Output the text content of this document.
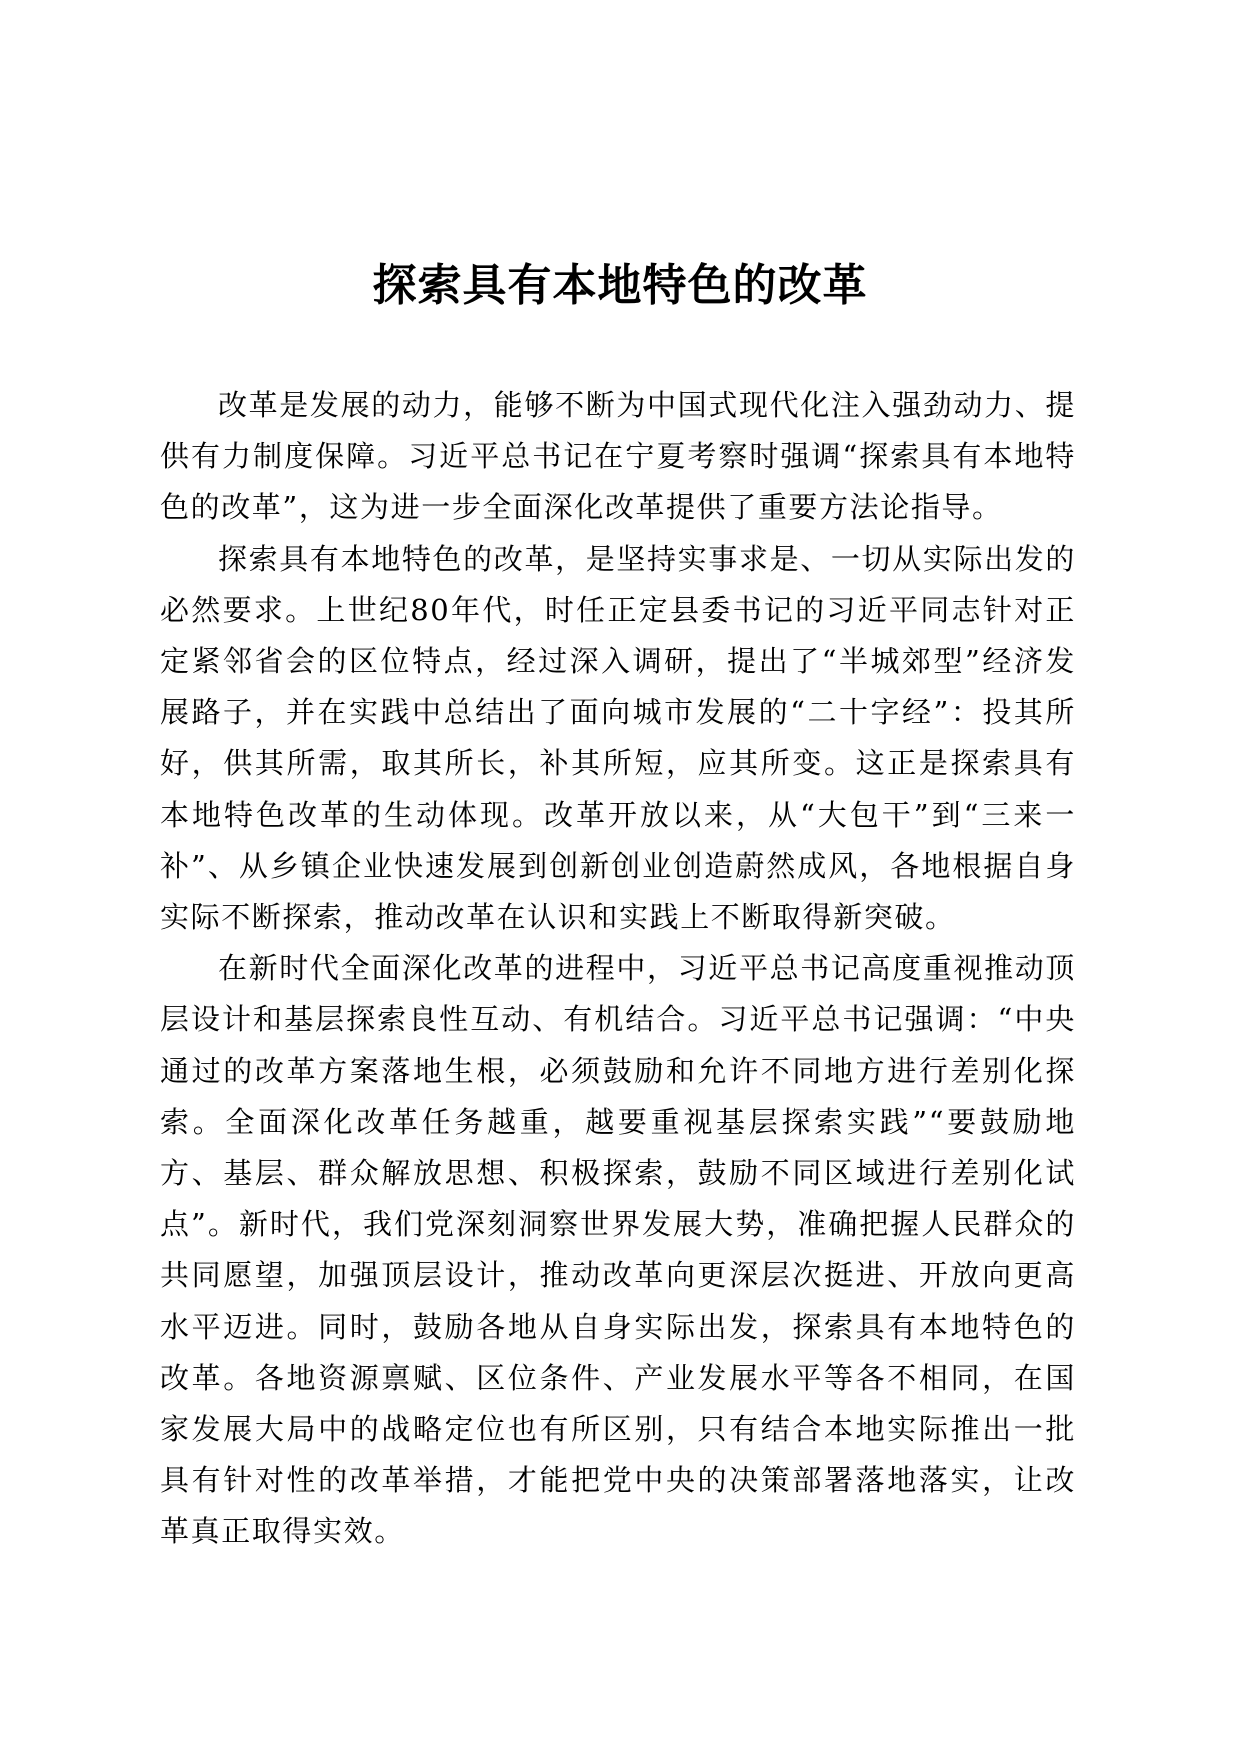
探索具有本地特色的改革

改革是发展的动力，能够不断为中国式现代化注入强劲动力、提供有力制度保障。习近平总书记在宁夏考察时强调“探索具有本地特色的改革”，这为进一步全面深化改革提供了重要方法论指导。

探索具有本地特色的改革，是坚持实事求是、一切从实际出发的必然要求。上世纪80年代，时任正定县委书记的习近平同志针对正定紧邻省会的区位特点，经过深入调研，提出了“半城郊型”经济发展路子，并在实践中总结出了面向城市发展的“二十字经”：投其所好，供其所需，取其所长，补其所短，应其所变。这正是探索具有本地特色改革的生动体现。改革开放以来，从“大包干”到“三来一补”、从乡镇企业快速发展到创新创业创造蔚然成风，各地根据自身实际不断探索，推动改革在认识和实践上不断取得新突破。

在新时代全面深化改革的进程中，习近平总书记高度重视推动顶层设计和基层探索良性互动、有机结合。习近平总书记强调：“中央通过的改革方案落地生根，必须鼓励和允许不同地方进行差别化探索。全面深化改革任务越重，越要重视基层探索实践”“要鼓励地方、基层、群众解放思想、积极探索，鼓励不同区域进行差别化试点”。新时代，我们党深刻洞察世界发展大势，准确把握人民群众的共同愿望，加强顶层设计，推动改革向更深层次挺进、开放向更高水平迈进。同时，鼓励各地从自身实际出发，探索具有本地特色的改革。各地资源禀赋、区位条件、产业发展水平等各不相同，在国家发展大局中的战略定位也有所区别，只有结合本地实际推出一批具有针对性的改革举措，才能把党中央的决策部署落地落实，让改革真正取得实效。
